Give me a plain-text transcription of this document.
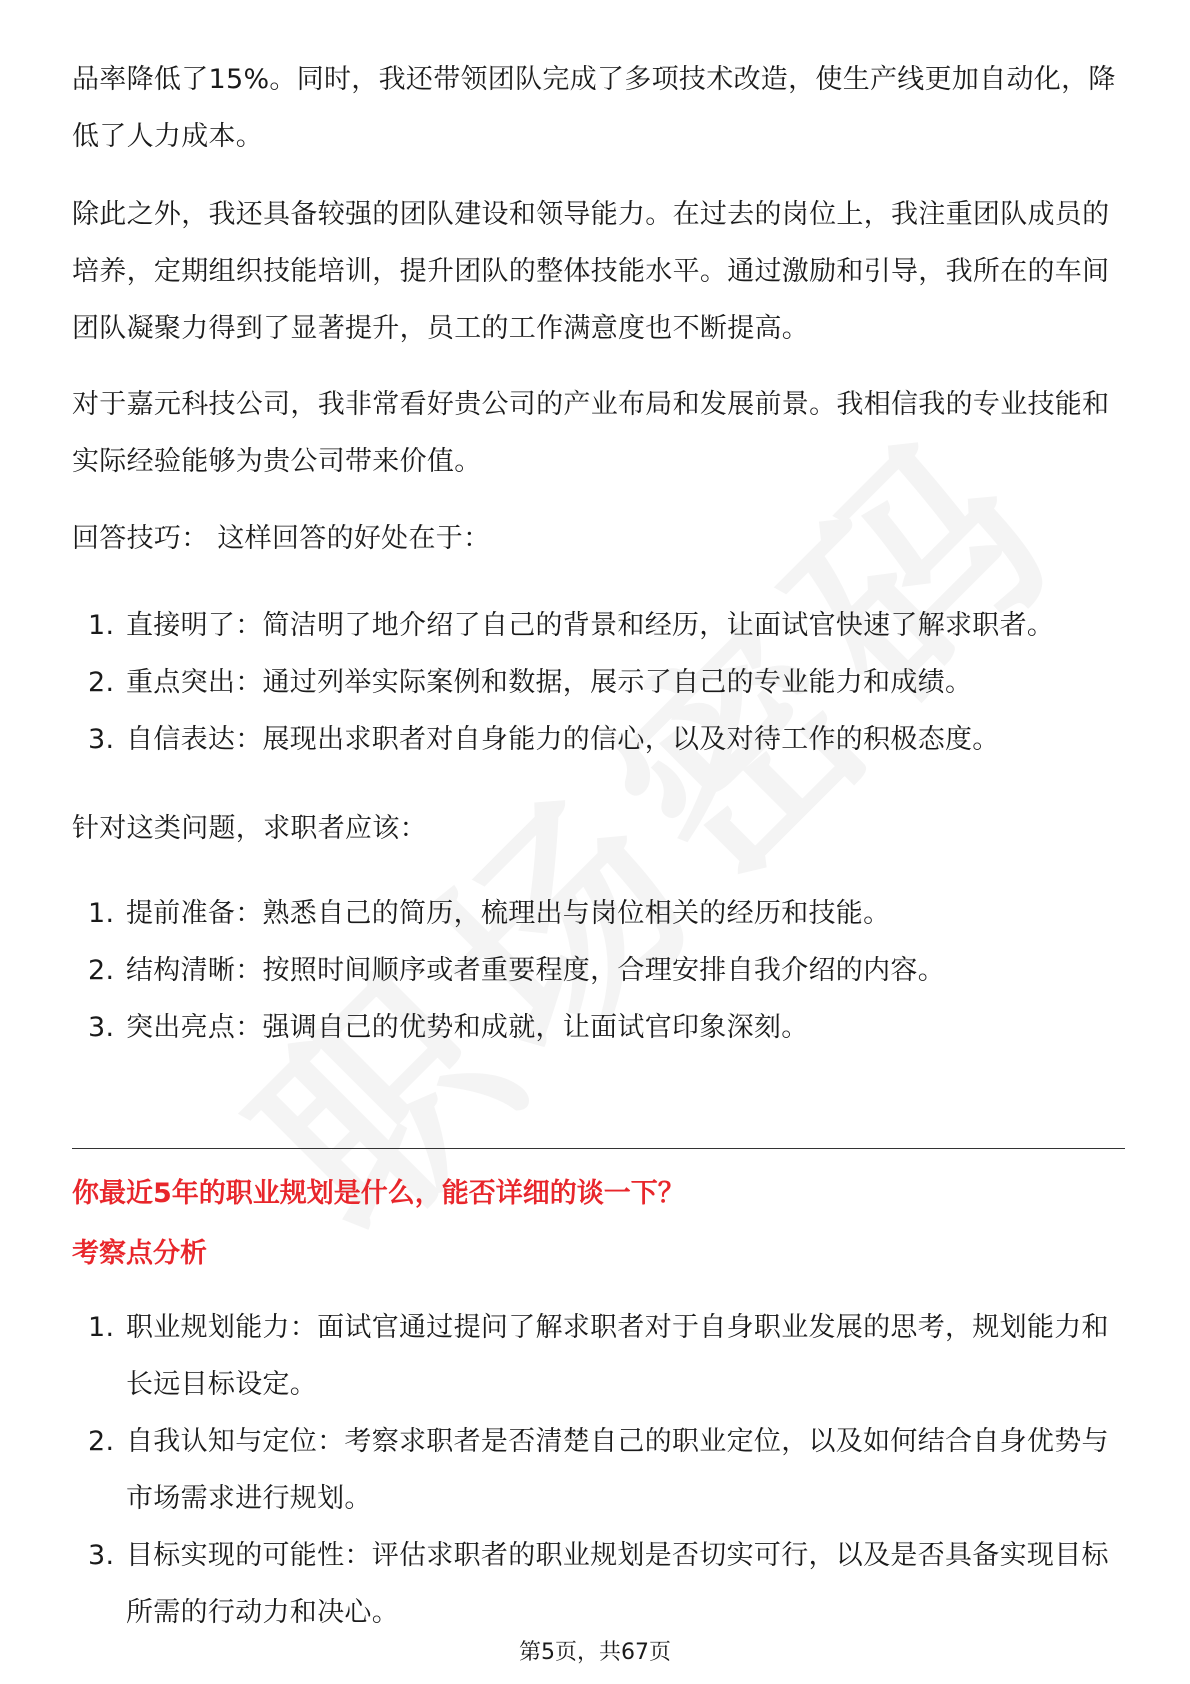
品率降低了15%。同时，我还带领团队完成了多项技术改造，使生产线更加自动化，降低了人力成本。

除此之外，我还具备较强的团队建设和领导能力。在过去的岗位上，我注重团队成员的培养，定期组织技能培训，提升团队的整体技能水平。通过激励和引导，我所在的车间团队凝聚力得到了显著提升，员工的工作满意度也不断提高。

对于嘉元科技公司，我非常看好贵公司的产业布局和发展前景。我相信我的专业技能和实际经验能够为贵公司带来价值。

回答技巧： 这样回答的好处在于：

1. 直接明了：简洁明了地介绍了自己的背景和经历，让面试官快速了解求职者。
2. 重点突出：通过列举实际案例和数据，展示了自己的专业能力和成绩。
3. 自信表达：展现出求职者对自身能力的信心，以及对待工作的积极态度。

针对这类问题，求职者应该：

1. 提前准备：熟悉自己的简历，梳理出与岗位相关的经历和技能。
2. 结构清晰：按照时间顺序或者重要程度，合理安排自我介绍的内容。
3. 突出亮点：强调自己的优势和成就，让面试官印象深刻。
你最近5年的职业规划是什么，能否详细的谈一下？
考察点分析
1. 职业规划能力：面试官通过提问了解求职者对于自身职业发展的思考，规划能力和长远目标设定。
2. 自我认知与定位：考察求职者是否清楚自己的职业定位，以及如何结合自身优势与市场需求进行规划。
3. 目标实现的可能性：评估求职者的职业规划是否切实可行，以及是否具备实现目标所需的行动力和决心。
第5页，共67页
